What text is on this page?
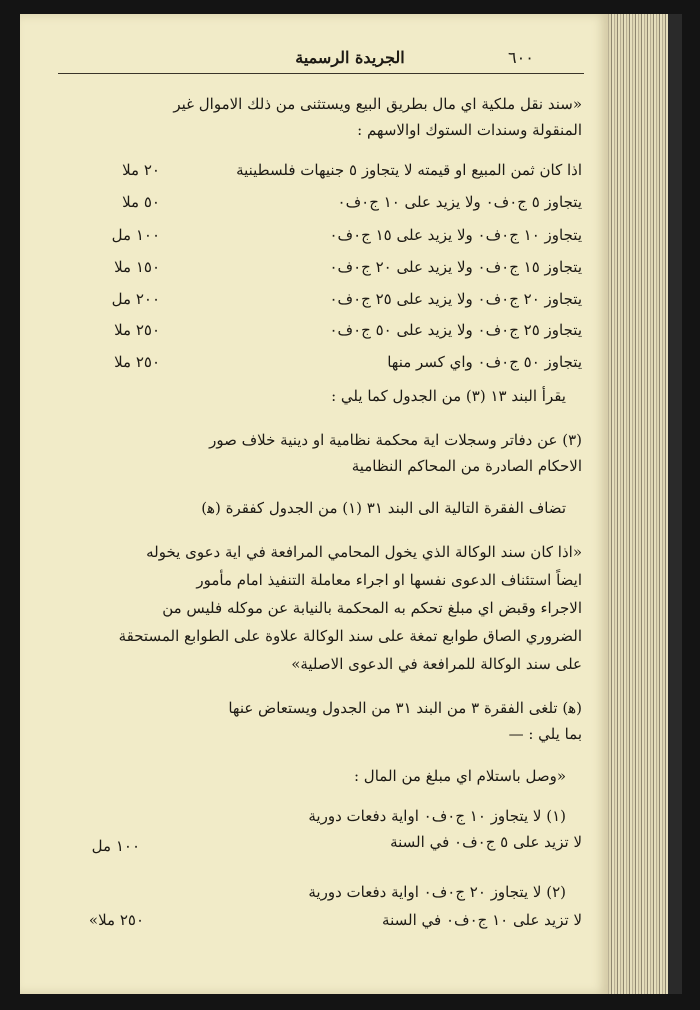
الجريدة الرسمية	٦٠٠
«سند نقل ملكية اي مال بطريق البيع ويستثنى من ذلك الاموال غير
المنقولة وسندات الستوك اوالاسهم :
اذا كان ثمن المبيع او قيمته لا يتجاوز ٥ جنيهات فلسطينية
٢٠ ملا
يتجاوز ٥ ج٠ف٠ ولا يزيد على ١٠ ج٠ف٠
٥٠ ملا
يتجاوز ١٠ ج٠ف٠ ولا يزيد على ١٥ ج٠ف٠
١٠٠ مل
يتجاوز ١٥ ج٠ف٠ ولا يزيد على ٢٠ ج٠ف٠
١٥٠ ملا
يتجاوز ٢٠ ج٠ف٠ ولا يزيد على ٢٥ ج٠ف٠
٢٠٠ مل
يتجاوز ٢٥ ج٠ف٠ ولا يزيد على ٥٠ ج٠ف٠
٢٥٠ ملا
يتجاوز ٥٠ ج٠ف٠ واي كسر منها
٢٥٠ ملا
يقرأ البند ١٣ (٣) من الجدول كما يلي :
(٣) عن دفاتر وسجلات اية محكمة نظامية او دينية خلاف صور
الاحكام الصادرة من المحاكم النظامية
تضاف الفقرة التالية الى البند ٣١ (١) من الجدول كفقرة (ﻫ)
«اذا كان سند الوكالة الذي يخول المحامي المرافعة في اية دعوى يخوله
ايضاً استئناف الدعوى نفسها او اجراء معاملة التنفيذ امام مأمور
الاجراء وقبض اي مبلغ تحكم به المحكمة بالنيابة عن موكله فليس من
الضروري الصاق طوابع تمغة على سند الوكالة علاوة على الطوابع المستحقة
على سند الوكالة للمرافعة في الدعوى الاصلية»
(ﻫ) تلغى الفقرة ٣ من البند ٣١ من الجدول ويستعاض عنها
بما يلي : —
«وصل باستلام اي مبلغ من المال :
(١) لا يتجاوز ١٠ ج٠ف٠ اواية دفعات دورية
لا تزيد على ٥ ج٠ف٠ في السنة
١٠٠ مل
(٢) لا يتجاوز ٢٠ ج٠ف٠ اواية دفعات دورية
لا تزيد على ١٠ ج٠ف٠ في السنة
٢٥٠ ملا»
